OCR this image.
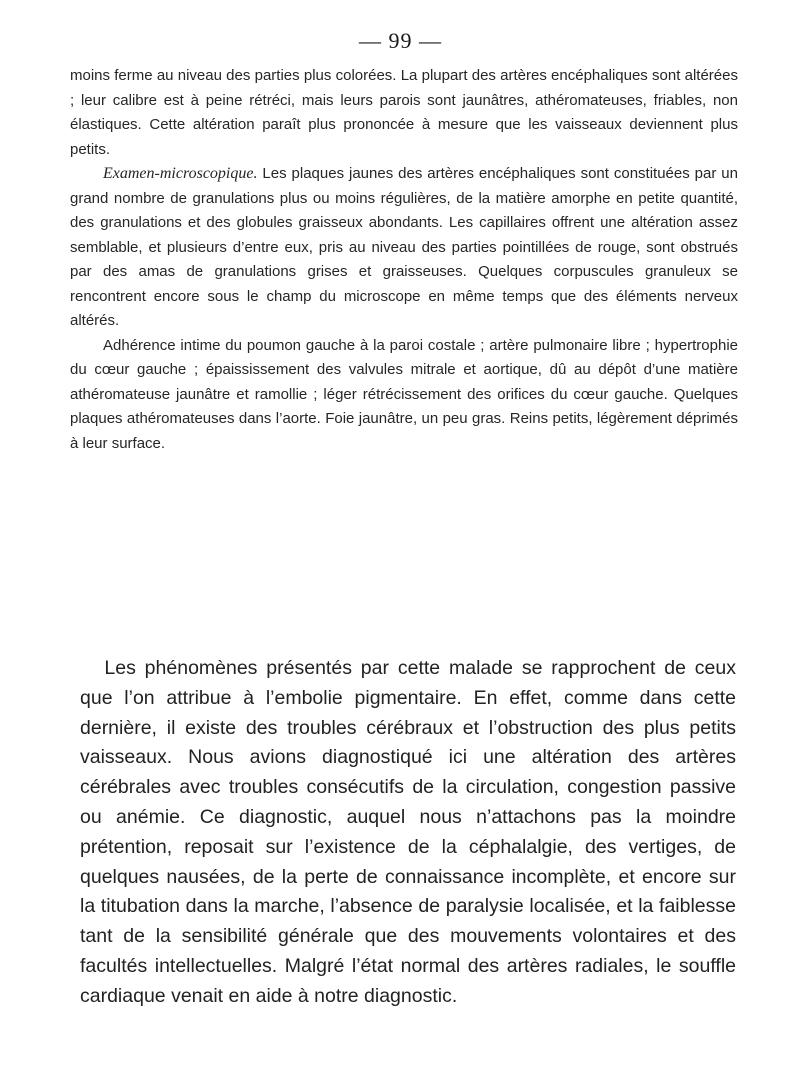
— 99 —

moins ferme au niveau des parties plus colorées. La plupart des artères encéphaliques sont altérées ; leur calibre est à peine rétréci, mais leurs parois sont jaunâtres, athéromateuses, friables, non élastiques. Cette altération paraît plus prononcée à mesure que les vaisseaux deviennent plus petits.

Examen-microscopique. Les plaques jaunes des artères encéphaliques sont constituées par un grand nombre de granulations plus ou moins régulières, de la matière amorphe en petite quantité, des granulations et des globules graisseux abondants. Les capillaires offrent une altération assez semblable, et plusieurs d’entre eux, pris au niveau des parties pointillées de rouge, sont obstrués par des amas de granulations grises et graisseuses. Quelques corpuscules granuleux se rencontrent encore sous le champ du microscope en même temps que des éléments nerveux altérés.

Adhérence intime du poumon gauche à la paroi costale ; artère pulmonaire libre ; hypertrophie du cœur gauche ; épaississement des valvules mitrale et aortique, dû au dépôt d’une matière athéromateuse jaunâtre et ramollie ; léger rétrécissement des orifices du cœur gauche. Quelques plaques athéromateuses dans l’aorte. Foie jaunâtre, un peu gras. Reins petits, légèrement déprimés à leur surface.

Les phénomènes présentés par cette malade se rapprochent de ceux que l’on attribue à l’embolie pigmentaire. En effet, comme dans cette dernière, il existe des troubles cérébraux et l’obstruction des plus petits vaisseaux. Nous avions diagnostiqué ici une altération des artères cérébrales avec troubles consécutifs de la circulation, congestion passive ou anémie. Ce diagnostic, auquel nous n’attachons pas la moindre prétention, reposait sur l’existence de la céphalalgie, des vertiges, de quelques nausées, de la perte de connaissance incomplète, et encore sur la titubation dans la marche, l’absence de paralysie localisée, et la faiblesse tant de la sensibilité générale que des mouvements volontaires et des facultés intellectuelles. Malgré l’état normal des artères radiales, le souffle cardiaque venait en aide à notre diagnostic.
